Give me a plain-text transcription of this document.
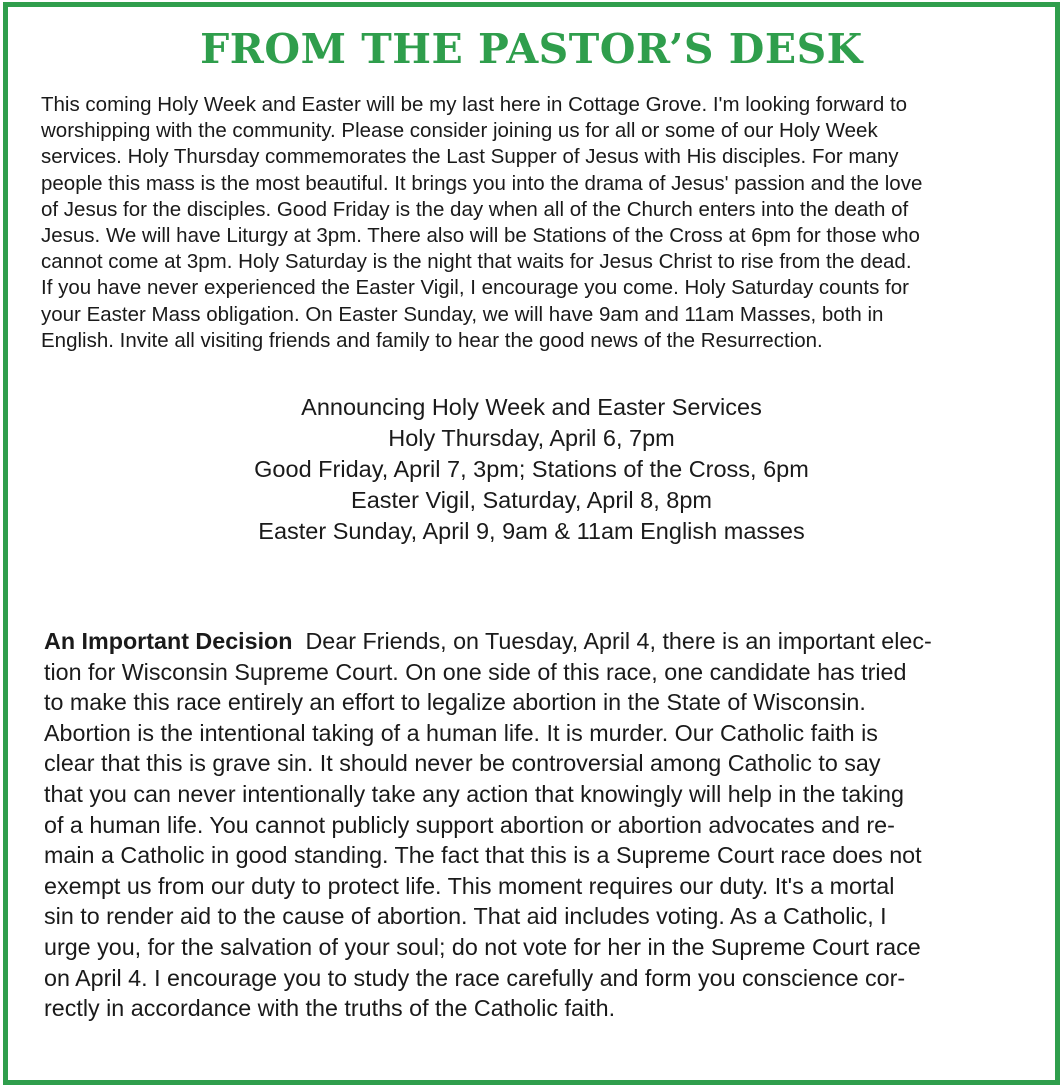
FROM THE PASTOR’S DESK
This coming Holy Week and Easter will be my last here in Cottage Grove. I'm looking forward to
worshipping with the community. Please consider joining us for all or some of our Holy Week
services. Holy Thursday commemorates the Last Supper of Jesus with His disciples. For many
people this mass is the most beautiful. It brings you into the drama of Jesus' passion and the love
of Jesus for the disciples. Good Friday is the day when all of the Church enters into the death of
Jesus. We will have Liturgy at 3pm. There also will be Stations of the Cross at 6pm for those who
cannot come at 3pm. Holy Saturday is the night that waits for Jesus Christ to rise from the dead.
If you have never experienced the Easter Vigil, I encourage you come. Holy Saturday counts for
your Easter Mass obligation. On Easter Sunday, we will have 9am and 11am Masses, both in
English. Invite all visiting friends and family to hear the good news of the Resurrection.
Announcing Holy Week and Easter Services
Holy Thursday, April 6, 7pm
Good Friday, April 7, 3pm; Stations of the Cross, 6pm
Easter Vigil, Saturday, April 8, 8pm
Easter Sunday, April 9, 9am & 11am English masses
An Important Decision Dear Friends, on Tuesday, April 4, there is an important elec-
tion for Wisconsin Supreme Court. On one side of this race, one candidate has tried
to make this race entirely an effort to legalize abortion in the State of Wisconsin.
Abortion is the intentional taking of a human life. It is murder. Our Catholic faith is
clear that this is grave sin. It should never be controversial among Catholic to say
that you can never intentionally take any action that knowingly will help in the taking
of a human life. You cannot publicly support abortion or abortion advocates and re-
main a Catholic in good standing. The fact that this is a Supreme Court race does not
exempt us from our duty to protect life. This moment requires our duty. It's a mortal
sin to render aid to the cause of abortion. That aid includes voting. As a Catholic, I
urge you, for the salvation of your soul; do not vote for her in the Supreme Court race
on April 4. I encourage you to study the race carefully and form you conscience cor-
rectly in accordance with the truths of the Catholic faith.
